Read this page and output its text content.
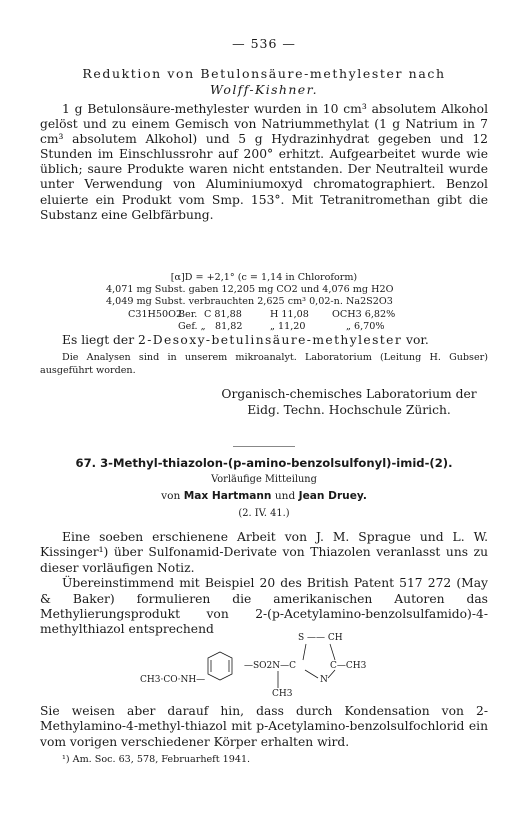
— 536 —
Reduktion von Betulonsäure-methylester nach
Wolff-Kishner.

1 g Betulonsäure-methylester wurden in 10 cm³ absolutem Alkohol gelöst und zu einem Gemisch von Natriummethylat (1 g Natrium in 7 cm³ absolutem Alkohol) und 5 g Hydrazinhydrat gegeben und 12 Stunden im Einschlussrohr auf 200° erhitzt. Aufgearbeitet wurde wie üblich; saure Produkte waren nicht entstanden. Der Neutralteil wurde unter Verwendung von Aluminiumoxyd chromatographiert. Benzol eluierte ein Produkt vom Smp. 153°. Mit Tetranitromethan gibt die Substanz eine Gelbfärbung.

[α]D = +2,1° (c = 1,14 in Chloroform)
4,071 mg Subst. gaben 12,205 mg CO2 und 4,076 mg H2O
4,049 mg Subst. verbrauchten 2,625 cm³ 0,02-n. Na2S2O3
C31H50O2
Ber. C 81,88	H 11,08 OCH3 6,82%
Gef. „ 81,82	„ 11,20	„ 6,70%
Es liegt der 2-Desoxy-betulinsäure-methylester vor.
Die Analysen sind in unserem mikroanalyt. Laboratorium (Leitung H. Gubser) ausgeführt worden.
Organisch-chemisches Laboratorium der
Eidg. Techn. Hochschule Zürich.
67. 3-Methyl-thiazolon-(p-amino-benzolsulfonyl)-imid-(2).
Vorläufige Mitteilung
von Max Hartmann und Jean Druey.
(2. IV. 41.)

Eine soeben erschienene Arbeit von J. M. Sprague und L. W. Kissinger¹) über Sulfonamid-Derivate von Thiazolen veranlasst uns zu dieser vorläufigen Notiz.

Übereinstimmend mit Beispiel 20 des British Patent 517 272 (May & Baker) formulieren die amerikanischen Autoren das Methylierungsprodukt von 2-(p-Acetylamino-benzolsulfamido)-4-methylthiazol entsprechend

CH3·CO·NH—
—SO2N—C
S —— CH
C—CH3
N
CH3

Sie weisen aber darauf hin, dass durch Kondensation von 2-Methylamino-4-methyl-thiazol mit p-Acetylamino-benzolsulfochlorid ein vom vorigen verschiedener Körper erhalten wird.

¹) Am. Soc. 63, 578, Februarheft 1941.
